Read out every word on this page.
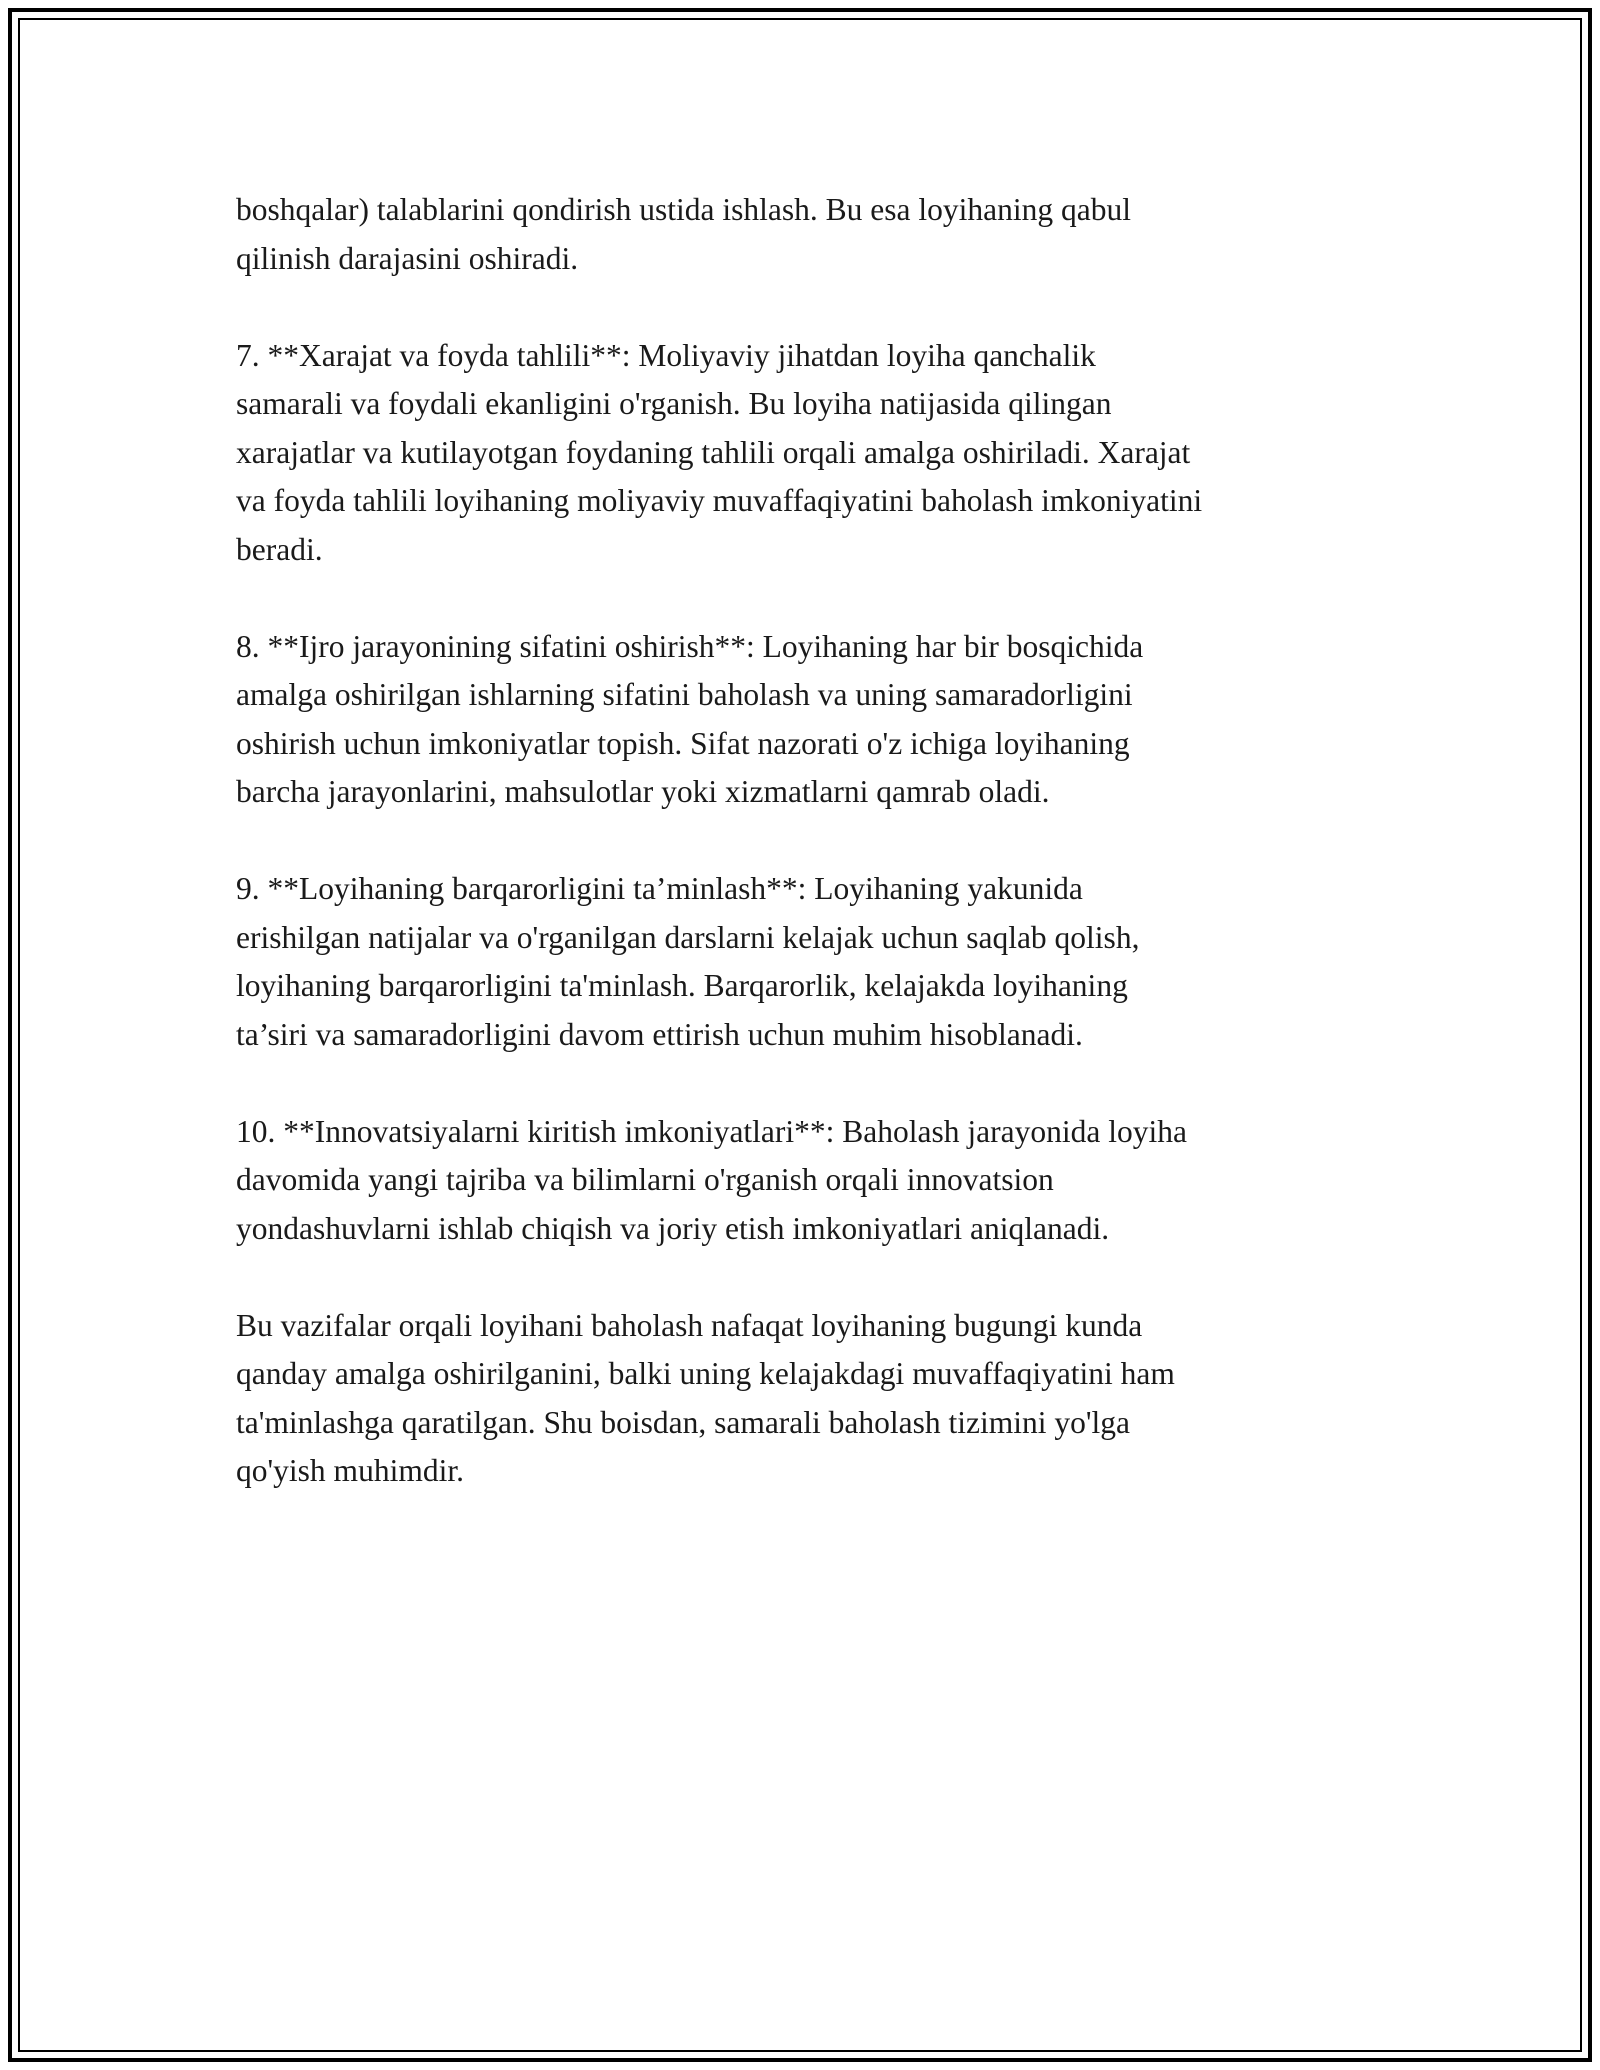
boshqalar) talablarini qondirish ustida ishlash. Bu esa loyihaning qabul
qilinish darajasini oshiradi.

7. **Xarajat va foyda tahlili**: Moliyaviy jihatdan loyiha qanchalik
samarali va foydali ekanligini o'rganish. Bu loyiha natijasida qilingan
xarajatlar va kutilayotgan foydaning tahlili orqali amalga oshiriladi. Xarajat
va foyda tahlili loyihaning moliyaviy muvaffaqiyatini baholash imkoniyatini
beradi.

8. **Ijro jarayonining sifatini oshirish**: Loyihaning har bir bosqichida
amalga oshirilgan ishlarning sifatini baholash va uning samaradorligini
oshirish uchun imkoniyatlar topish. Sifat nazorati o'z ichiga loyihaning
barcha jarayonlarini, mahsulotlar yoki xizmatlarni qamrab oladi.

9. **Loyihaning barqarorligini ta’minlash**: Loyihaning yakunida
erishilgan natijalar va o'rganilgan darslarni kelajak uchun saqlab qolish,
loyihaning barqarorligini ta'minlash. Barqarorlik, kelajakda loyihaning
ta’siri va samaradorligini davom ettirish uchun muhim hisoblanadi.

10. **Innovatsiyalarni kiritish imkoniyatlari**: Baholash jarayonida loyiha
davomida yangi tajriba va bilimlarni o'rganish orqali innovatsion
yondashuvlarni ishlab chiqish va joriy etish imkoniyatlari aniqlanadi.

Bu vazifalar orqali loyihani baholash nafaqat loyihaning bugungi kunda
qanday amalga oshirilganini, balki uning kelajakdagi muvaffaqiyatini ham
ta'minlashga qaratilgan. Shu boisdan, samarali baholash tizimini yo'lga
qo'yish muhimdir.
